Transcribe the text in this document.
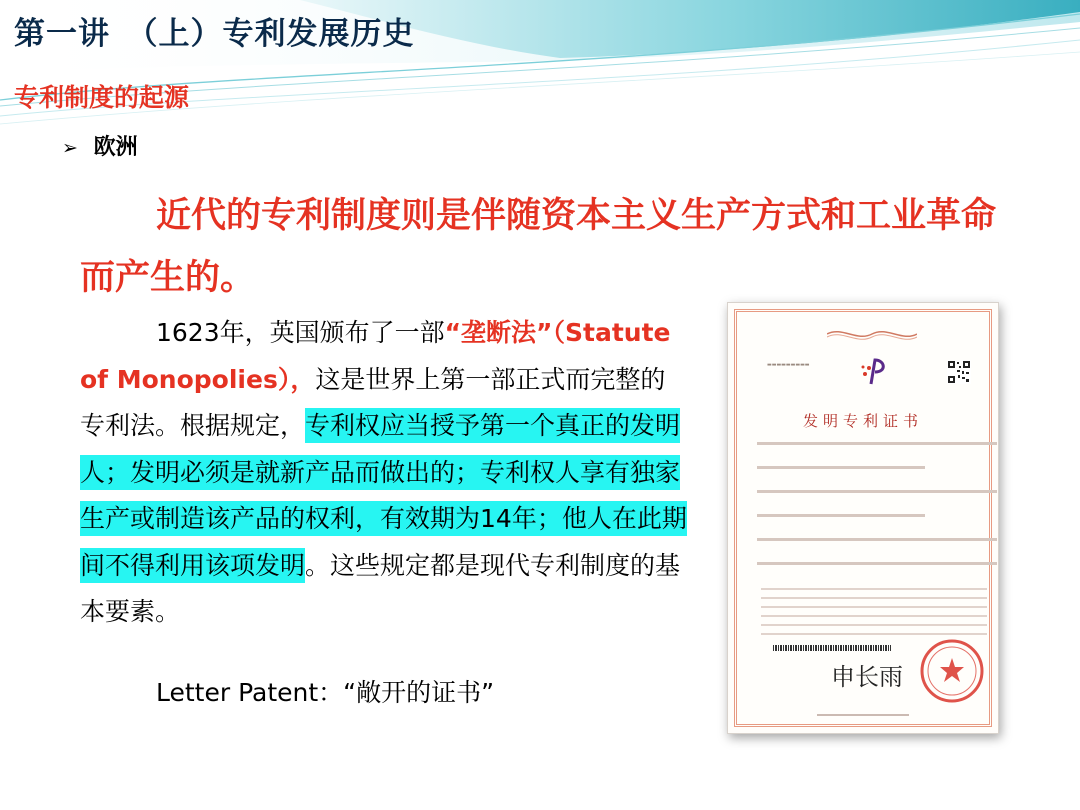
第一讲　（上）专利发展历史
专利制度的起源
➢ 欧洲

近代的专利制度则是伴随资本主义生产方式和工业革命而产生的。

1623年，英国颁布了一部“垄断法”（Statute of Monopolies），这是世界上第一部正式而完整的专利法。根据规定，专利权应当授予第一个真正的发明人；发明必须是就新产品而做出的；专利权人享有独家生产或制造该产品的权利，有效期为14年；他人在此期间不得利用该项发明。这些规定都是现代专利制度的基本要素。

Letter Patent：“敞开的证书”
▬▬▬▬▬▬▬▬▬
发明专利证书
申长雨
